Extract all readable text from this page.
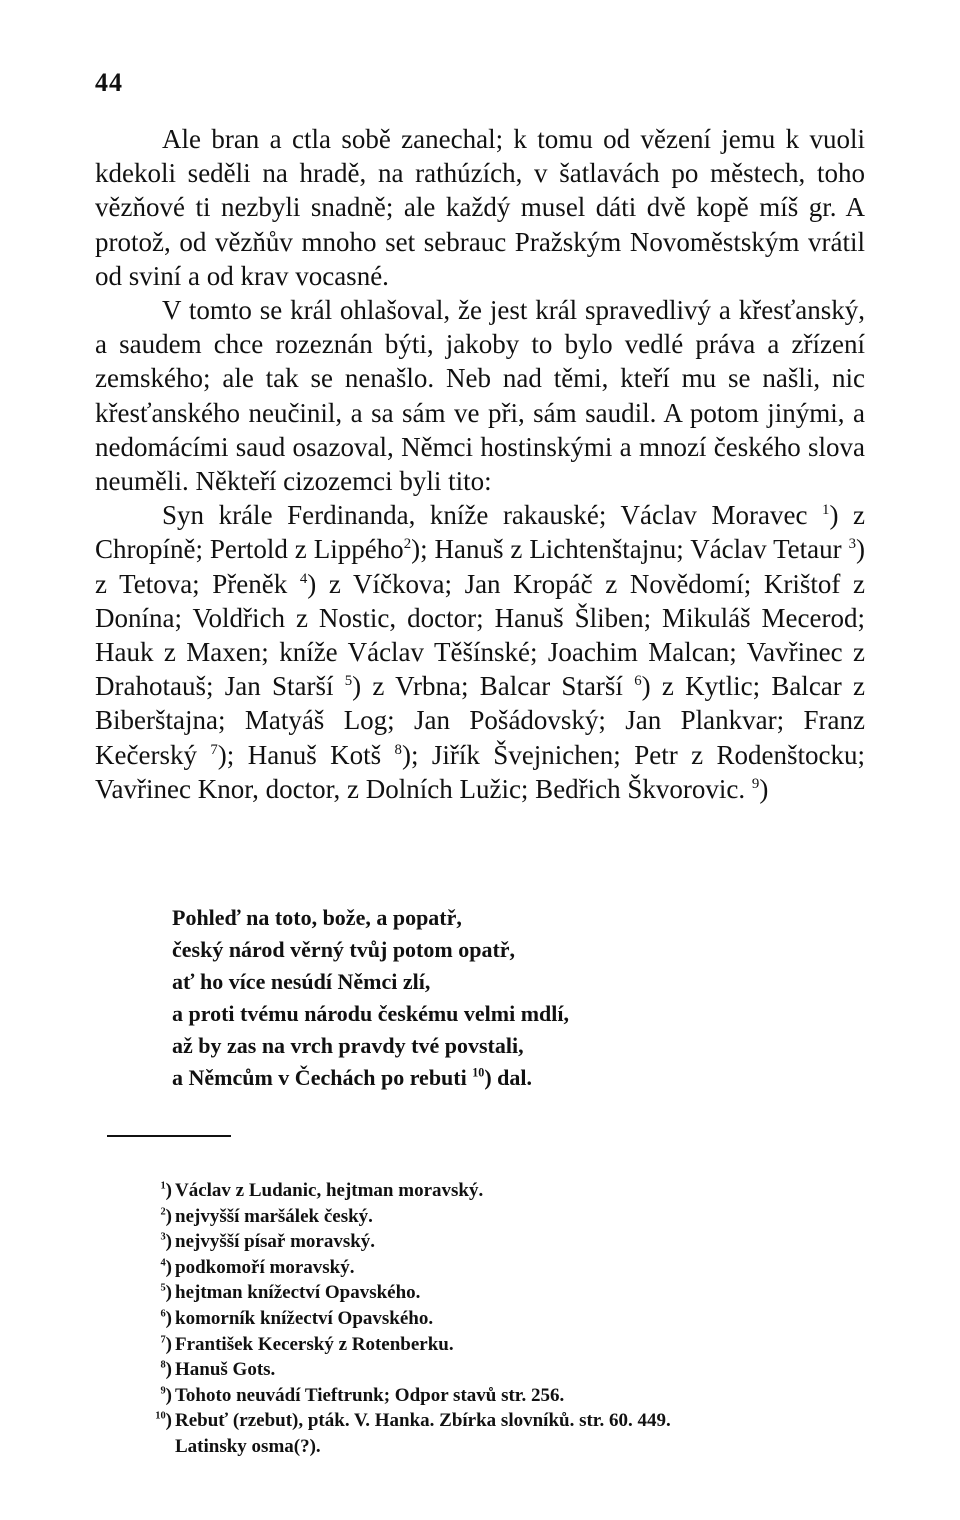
44

Ale bran a ctla sobě zanechal; k tomu od vězení jemu k vuoli kdekoli seděli na hradě, na rathúzích, v šatlavách po městech, toho vězňové ti nezbyli snadně; ale každý musel dáti dvě kopě míš gr. A protož, od vězňův mnoho set sebrauc Pražským Novoměstským vrátil od sviní a od krav vocasné.

V tomto se král ohlašoval, že jest král spravedlivý a křesťanský, a saudem chce rozeznán býti, jakoby to bylo vedlé práva a zřízení zemského; ale tak se nenašlo. Neb nad těmi, kteří mu se našli, nic křesťanského neučinil, a sa sám ve při, sám saudil. A potom jinými, a nedomácími saud osazoval, Němci hostinskými a mnozí českého slova neuměli. Někteří cizozemci byli tito:

Syn krále Ferdinanda, kníže rakauské; Václav Moravec $^1$) z Chropíně; Pertold z Lippého$^2$); Hanuš z Lichtenštajnu; Václav Tetaur $^3$) z Tetova; Přeněk $^4$) z Víčkova; Jan Kropáč z Novědomí; Krištof z Donína; Voldřich z Nostic, doctor; Hanuš Šliben; Mikuláš Mecerod; Hauk z Maxen; kníže Václav Těšínské; Joachim Malcan; Vavřinec z Drahotauš; Jan Starší $^5$) z Vrbna; Balcar Starší $^6$) z Kytlic; Balcar z Biberštajna; Matyáš Log; Jan Pošádovský; Jan Plankvar; Franz Kečerský $^7$); Hanuš Kotš $^8$); Jiřík Švejnichen; Petr z Rodenštocku; Vavřinec Knor, doctor, z Dolních Lužic; Bedřich Škvorovic. $^9$)

Pohleď na toto, bože, a popatř,
český národ věrný tvůj potom opatř,
ať ho více nesúdí Němci zlí,
a proti tvému národu českému velmi mdlí,
až by zas na vrch pravdy tvé povstali,
a Němcům v Čechách po rebuti $^{10}$) dal.
$^1$) Václav z Ludanic, hejtman moravský.
$^2$) nejvyšší maršálek český.
$^3$) nejvyšší písař moravský.
$^4$) podkomoří moravský.
$^5$) hejtman knížectví Opavského.
$^6$) komorník knížectví Opavského.
$^7$) František Kecerský z Rotenberku.
$^8$) Hanuš Gots.
$^9$) Tohoto neuvádí Tieftrunk; Odpor stavů str. 256.
$^{10}$) Rebuť (rzebut), pták. V. Hanka. Zbírka slovníků. str. 60. 449.
Latinsky osma(?).
